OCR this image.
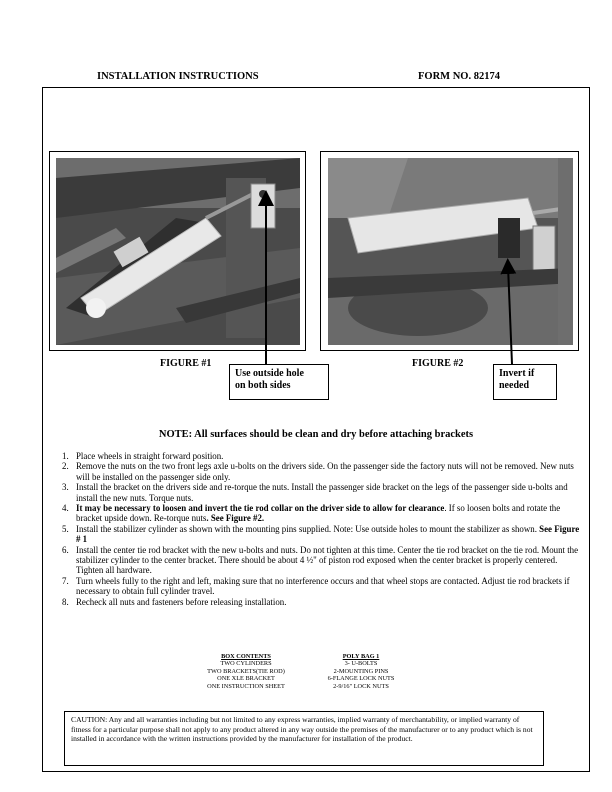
INSTALLATION INSTRUCTIONS	FORM NO. 82174
FIGURE #1	FIGURE #2
Use outside hole
on both sides
Invert if
needed
NOTE: All surfaces should be clean and dry before attaching brackets
1. Place wheels in straight forward position.
2. Remove the nuts on the two front legs axle u-bolts on the drivers side. On the passenger side the factory nuts will not be removed. New nuts will be installed on the passenger side only.
3. Install the bracket on the drivers side and re-torque the nuts. Install the passenger side bracket on the legs of the passenger side u-bolts and install the new nuts. Torque nuts.
4. It may be necessary to loosen and invert the tie rod collar on the driver side to allow for clearance. If so loosen bolts and rotate the bracket upside down. Re-torque nuts. See Figure #2.
5. Install the stabilizer cylinder as shown with the mounting pins supplied. Note: Use outside holes to mount the stabilizer as shown. See Figure # 1
6. Install the center tie rod bracket with the new u-bolts and nuts. Do not tighten at this time. Center the tie rod bracket on the tie rod. Mount the stabilizer cylinder to the center bracket. There should be about 4 ½" of piston rod exposed when the center bracket is properly centered. Tighten all hardware.
7. Turn wheels fully to the right and left, making sure that no interference occurs and that wheel stops are contacted. Adjust tie rod brackets if necessary to obtain full cylinder travel.
8. Recheck all nuts and fasteners before releasing installation.
BOX CONTENTS
TWO CYLINDERS
TWO BRACKETS(TIE ROD)
ONE XLE BRACKET
ONE INSTRUCTION SHEET
POLY BAG 1
3- U-BOLTS
2-MOUNTING PINS
6-FLANGE LOCK NUTS
2-9/16" LOCK NUTS
CAUTION: Any and all warranties including but not limited to any express warranties, implied warranty of merchantability, or implied warranty of fitness for a particular purpose shall not apply to any product altered in any way outside the premises of the manufacturer or to any product which is not installed in accordance with the written instructions provided by the manufacturer for installation of the product.
